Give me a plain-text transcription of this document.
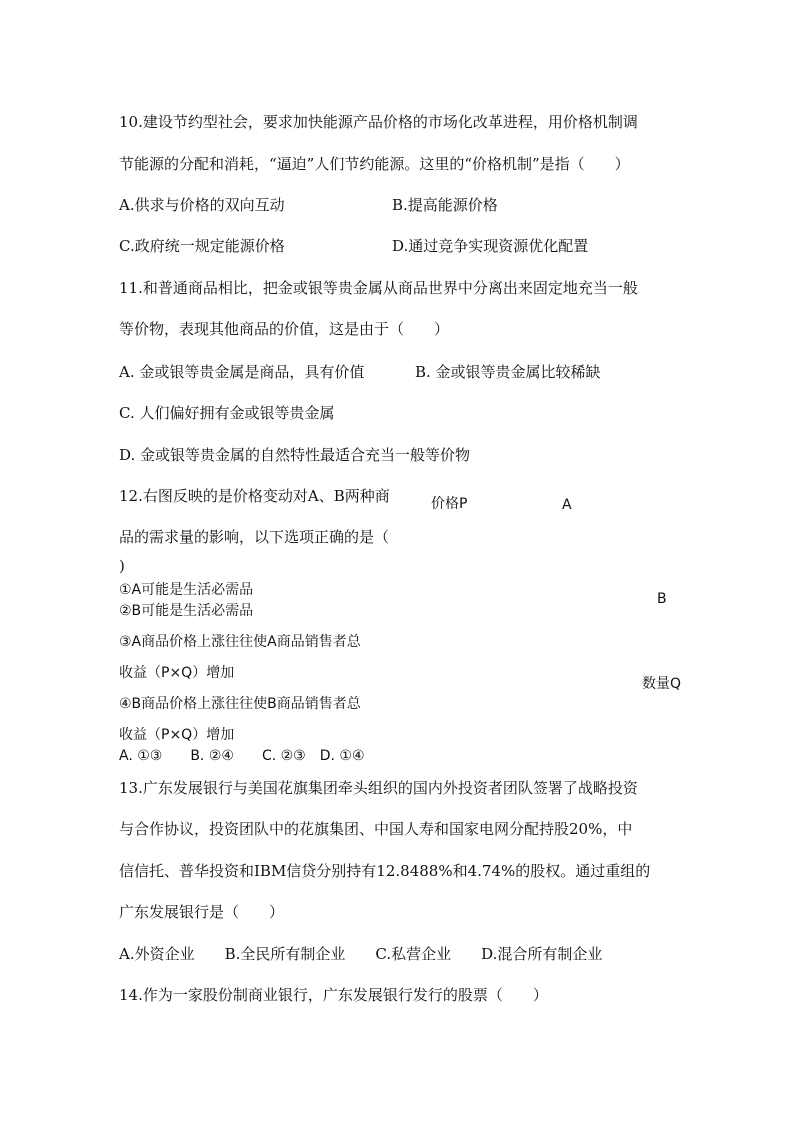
10.建设节约型社会，要求加快能源产品价格的市场化改革进程，用价格机制调
节能源的分配和消耗，“逼迫”人们节约能源。这里的“价格机制”是指（　　）
A.供求与价格的双向互动	B.提高能源价格
C.政府统一规定能源价格	D.通过竞争实现资源优化配置
11.和普通商品相比，把金或银等贵金属从商品世界中分离出来固定地充当一般
等价物，表现其他商品的价值，这是由于（　　）
A. 金或银等贵金属是商品，具有价值	B. 金或银等贵金属比较稀缺
C. 人们偏好拥有金或银等贵金属
D. 金或银等贵金属的自然特性最适合充当一般等价物
12.右图反映的是价格变动对A、B两种商
品的需求量的影响，以下选项正确的是（
)
①A可能是生活必需品
②B可能是生活必需品
③A商品价格上涨往往使A商品销售者总
收益（P×Q）增加
④B商品价格上涨往往使B商品销售者总
收益（P×Q）增加
A. ①③　　B. ②④　　C. ②③　D. ①④
价格P	A
B
数量Q
13.广东发展银行与美国花旗集团牵头组织的国内外投资者团队签署了战略投资
与合作协议，投资团队中的花旗集团、中国人寿和国家电网分配持股20%，中
信信托、普华投资和IBM信贷分别持有12.8488%和4.74%的股权。通过重组的
广东发展银行是（　　）
A.外资企业　　B.全民所有制企业　　C.私营企业　　D.混合所有制企业
14.作为一家股份制商业银行，广东发展银行发行的股票（　　）
